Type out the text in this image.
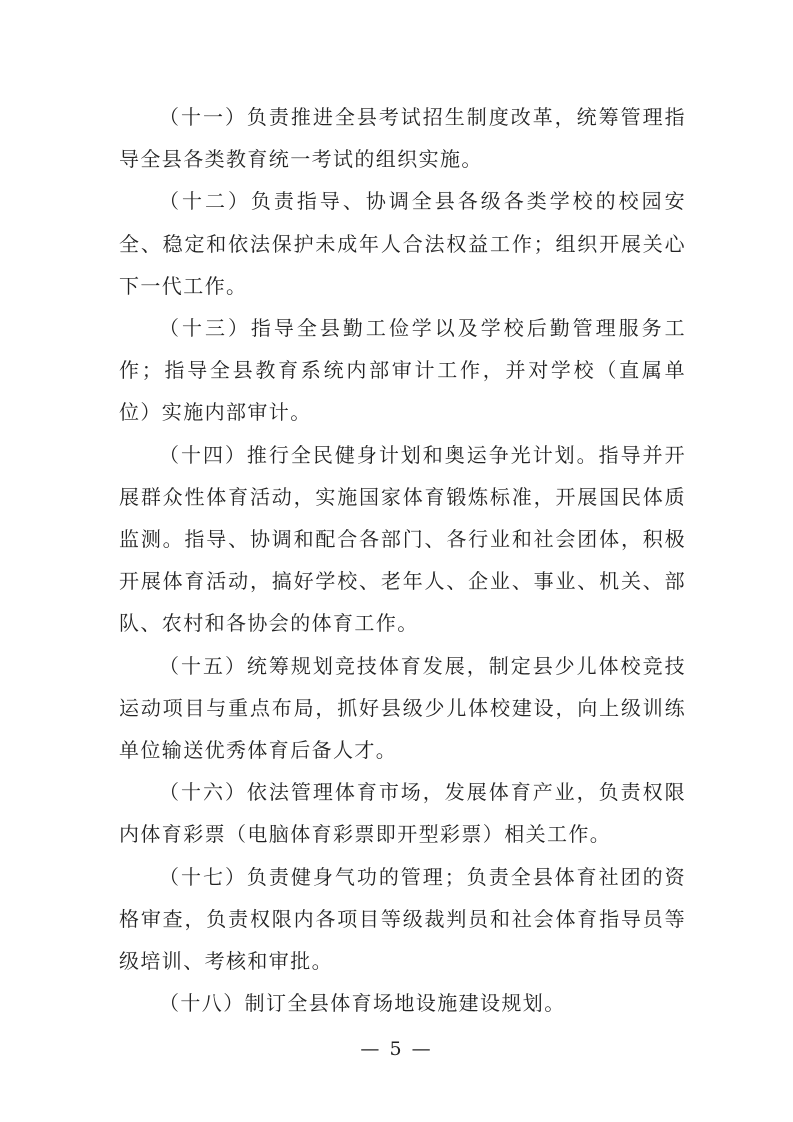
（十一）负责推进全县考试招生制度改革，统筹管理指导全县各类教育统一考试的组织实施。

（十二）负责指导、协调全县各级各类学校的校园安全、稳定和依法保护未成年人合法权益工作；组织开展关心下一代工作。

（十三）指导全县勤工俭学以及学校后勤管理服务工作；指导全县教育系统内部审计工作，并对学校（直属单位）实施内部审计。

（十四）推行全民健身计划和奥运争光计划。指导并开展群众性体育活动，实施国家体育锻炼标准，开展国民体质监测。指导、协调和配合各部门、各行业和社会团体，积极开展体育活动，搞好学校、老年人、企业、事业、机关、部队、农村和各协会的体育工作。

（十五）统筹规划竞技体育发展，制定县少儿体校竞技运动项目与重点布局，抓好县级少儿体校建设，向上级训练单位输送优秀体育后备人才。

（十六）依法管理体育市场，发展体育产业，负责权限内体育彩票（电脑体育彩票即开型彩票）相关工作。

（十七）负责健身气功的管理；负责全县体育社团的资格审查，负责权限内各项目等级裁判员和社会体育指导员等级培训、考核和审批。

（十八）制订全县体育场地设施建设规划。

— 5 —
